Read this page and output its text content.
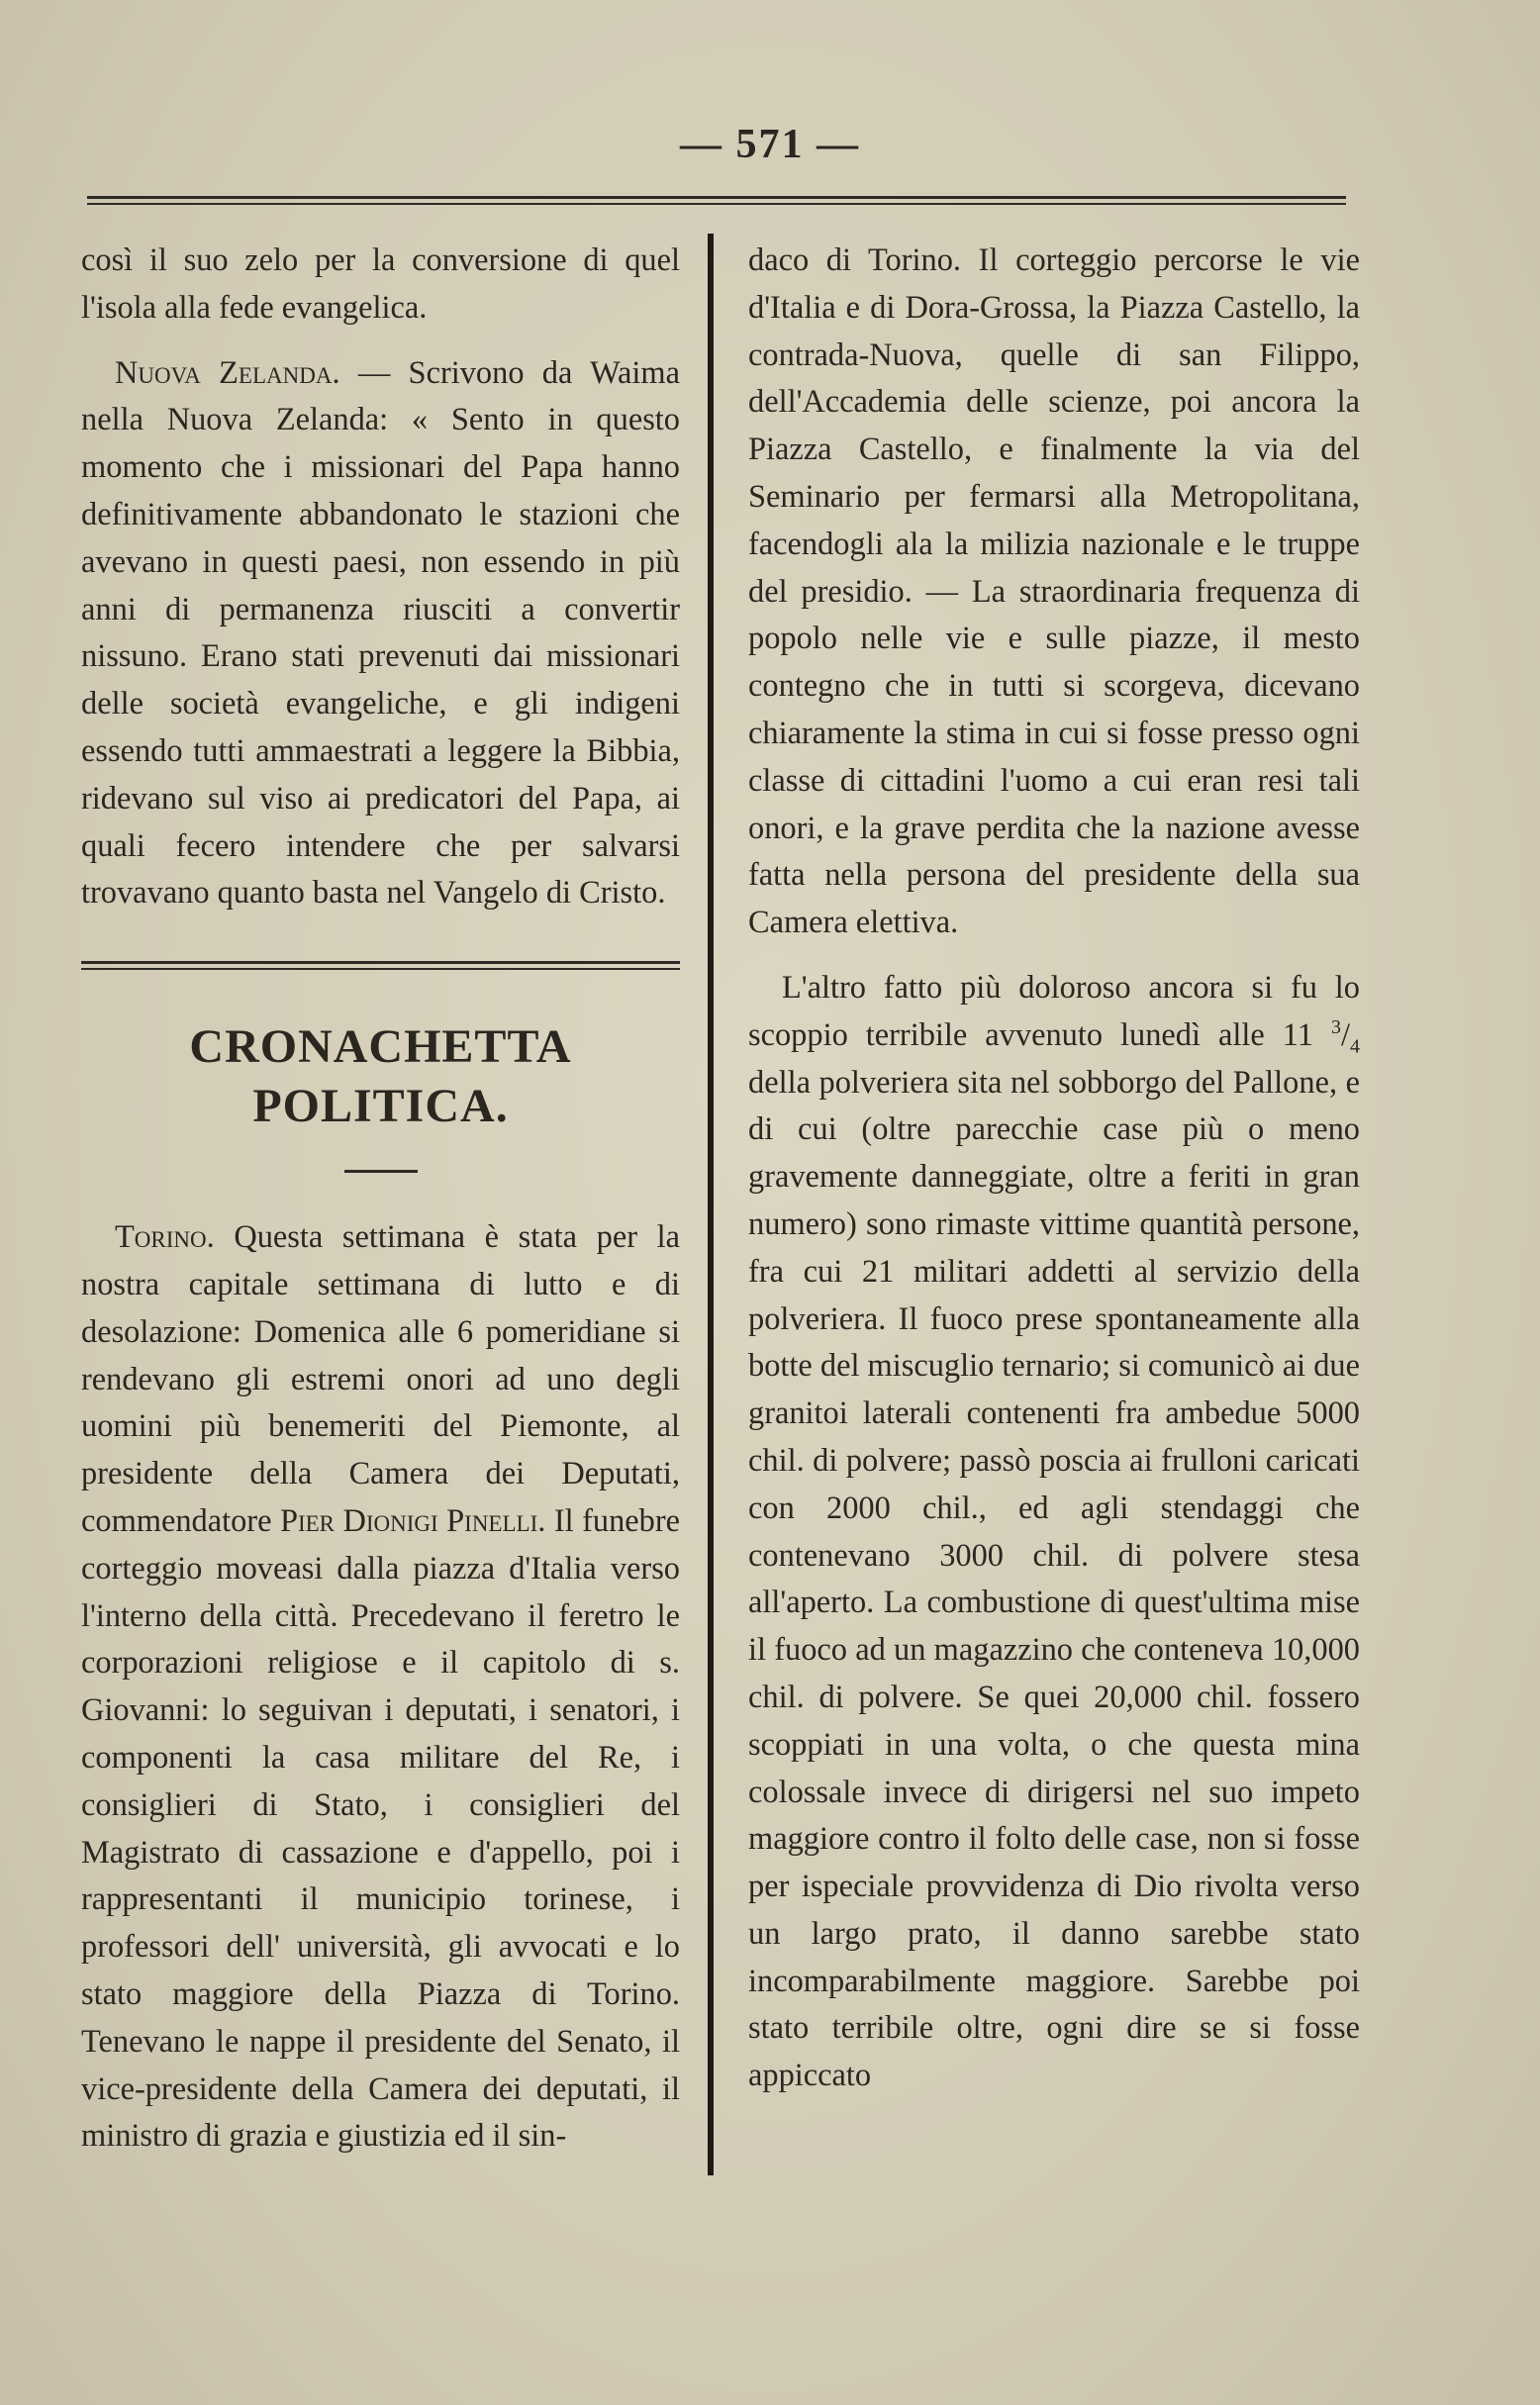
— 571 —

così il suo zelo per la conversione di quel l'isola alla fede evangelica.

Nuova Zelanda. — Scrivono da Waima nella Nuova Zelanda: « Sento in questo momento che i missionari del Papa hanno definitivamente abbandonato le stazioni che avevano in questi paesi, non essendo in più anni di permanenza riusciti a convertir nissuno. Erano stati prevenuti dai missionari delle società evangeliche, e gli indigeni essendo tutti ammaestrati a leggere la Bibbia, ridevano sul viso ai predicatori del Papa, ai quali fecero intendere che per salvarsi trovavano quanto basta nel Vangelo di Cristo.

CRONACHETTA POLITICA.

Torino. Questa settimana è stata per la nostra capitale settimana di lutto e di desolazione: Domenica alle 6 pomeridiane si rendevano gli estremi onori ad uno degli uomini più benemeriti del Piemonte, al presidente della Camera dei Deputati, commendatore Pier Dionigi Pinelli. Il funebre corteggio moveasi dalla piazza d'Italia verso l'interno della città. Precedevano il feretro le corporazioni religiose e il capitolo di s. Giovanni: lo seguivan i deputati, i senatori, i componenti la casa militare del Re, i consiglieri di Stato, i consiglieri del Magistrato di cassazione e d'appello, poi i rappresentanti il municipio torinese, i professori dell' università, gli avvocati e lo stato maggiore della Piazza di Torino. Tenevano le nappe il presidente del Senato, il vice-presidente della Camera dei deputati, il ministro di grazia e giustizia ed il sin-

daco di Torino. Il corteggio percorse le vie d'Italia e di Dora-Grossa, la Piazza Castello, la contrada-Nuova, quelle di san Filippo, dell'Accademia delle scienze, poi ancora la Piazza Castello, e finalmente la via del Seminario per fermarsi alla Metropolitana, facendogli ala la milizia nazionale e le truppe del presidio. — La straordinaria frequenza di popolo nelle vie e sulle piazze, il mesto contegno che in tutti si scorgeva, dicevano chiaramente la stima in cui si fosse presso ogni classe di cittadini l'uomo a cui eran resi tali onori, e la grave perdita che la nazione avesse fatta nella persona del presidente della sua Camera elettiva.

L'altro fatto più doloroso ancora si fu lo scoppio terribile avvenuto lunedì alle 11 $^3/_4$ della polveriera sita nel sobborgo del Pallone, e di cui (oltre parecchie case più o meno gravemente danneggiate, oltre a feriti in gran numero) sono rimaste vittime quantità persone, fra cui 21 militari addetti al servizio della polveriera. Il fuoco prese spontaneamente alla botte del miscuglio ternario; si comunicò ai due granitoi laterali contenenti fra ambedue 5000 chil. di polvere; passò poscia ai frulloni caricati con 2000 chil., ed agli stendaggi che contenevano 3000 chil. di polvere stesa all'aperto. La combustione di quest'ultima mise il fuoco ad un magazzino che conteneva 10,000 chil. di polvere. Se quei 20,000 chil. fossero scoppiati in una volta, o che questa mina colossale invece di dirigersi nel suo impeto maggiore contro il folto delle case, non si fosse per ispeciale provvidenza di Dio rivolta verso un largo prato, il danno sarebbe stato incomparabilmente maggiore. Sarebbe poi stato terribile oltre, ogni dire se si fosse appiccato
